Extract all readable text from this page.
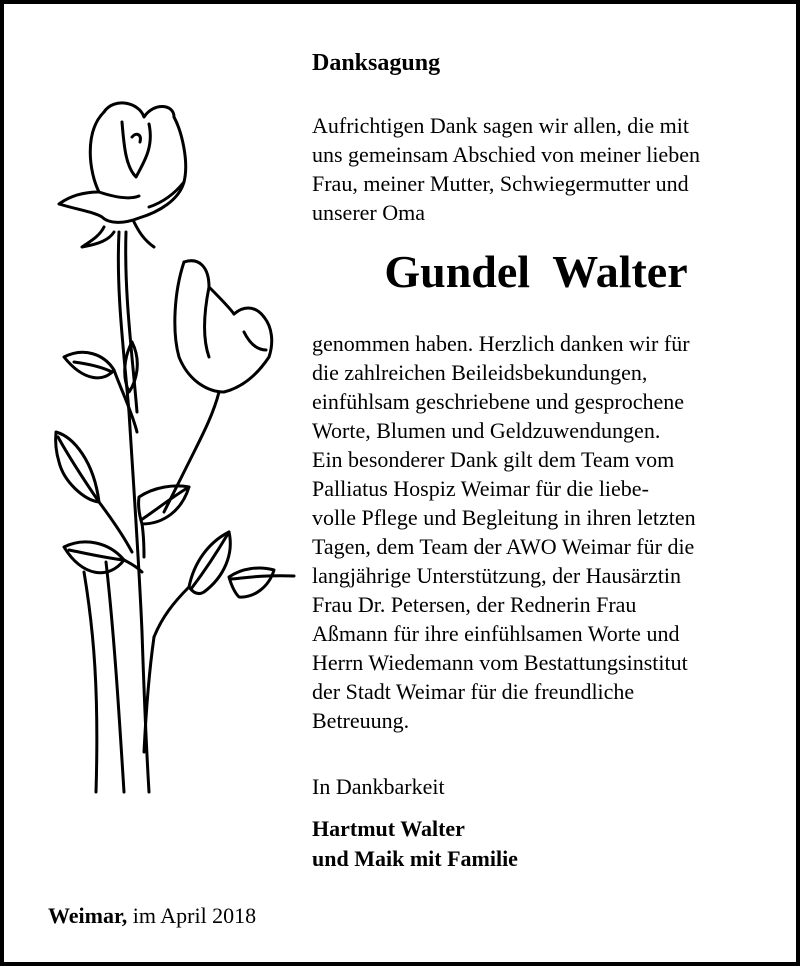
Danksagung
Aufrichtigen Dank sagen wir allen, die mit
uns gemeinsam Abschied von meiner lieben
Frau, meiner Mutter, Schwiegermutter und
unserer Oma
Gundel  Walter
genommen haben. Herzlich danken wir für
die zahlreichen Beileidsbekundungen,
einfühlsam geschriebene und gesprochene
Worte, Blumen und Geldzuwendungen.
Ein besonderer Dank gilt dem Team vom
Palliatus Hospiz Weimar für die liebe-
volle Pflege und Begleitung in ihren letzten
Tagen, dem Team der AWO Weimar für die
langjährige Unterstützung, der Hausärztin
Frau Dr. Petersen, der Rednerin Frau
Aßmann für ihre einfühlsamen Worte und
Herrn Wiedemann vom Bestattungsinstitut
der Stadt Weimar für die freundliche
Betreuung.
In Dankbarkeit
Hartmut Walter
und Maik mit Familie
Weimar, im April 2018
